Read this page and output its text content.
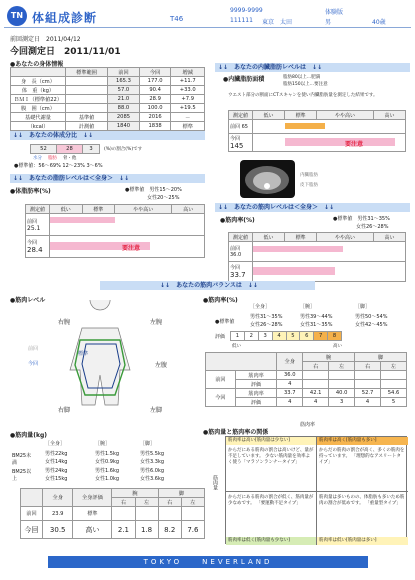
TN 体組成診断	T46
9999-9999	体験版
111111 東京　太田	男	40歳
前回測定日　2011/04/12
今回測定日　2011/11/01
●あなたの身体情報
	標準範囲	前回	今回	増減
身　長（cm）		165.3	177.0	+11.7
体　重（kg）		57.0	90.4	+33.0
ＢＭＩ（標準値22）		21.0	28.9	+7.9
腹　囲（cm）		88.0	100.0	+19.5
基礎代謝量	基準値	2085	2016	－
（kcal）	計測値	1840	1838	標準
↓↓　あなたの体成分比　↓↓
52	28	3	(%)の割合(%)です
水分　 脂肪　 骨・他
●標準値：56〜69% 12〜23% 3〜6%
↓↓　あなたの脂肪レベルは＜全身＞　↓↓
●体脂肪率(%)	●標準値　男性15〜20%
女性20〜25%
測定値	低い	標準	やや高い	高い
前回
25.1				

今回 28.4	要注意			
↓↓　あなたの内臓脂肪レベルは　↓↓
●内臓脂肪面積	脂肪80以上…肥満
脂肪150以上…要注意
ウエスト部分の断面にCTスキャンを使い内臓脂肪量を測定した結果です。
測定値	低い	標準	やや高い	高い
前回 65				

今回 145	要注意			
内臓脂肪
皮下脂肪
↓↓　あなたの筋肉レベルは＜全身＞　↓↓
●筋肉率(%)	●標準値　男性31〜35%
女性26〜28%
測定値	低い	標準	やや高い	高い
前回
36.0				

今回 33.7				
↓↓　あなたの筋肉バランスは　↓↓
●筋肉レベル
右腕	左腕
右脚	左脚
左腹
今回
標準
前回
●筋肉率(%)
●標準値
［全身］	［腕］	［脚］
男性31〜35%	男性39〜44%	男性50〜54%
女性26〜28%	女性31〜35%	女性42〜45%
評価 1	2	3	4	5	6	7	8
低い	高い
		全身	腕		脚	
			右	左	右	左
前回	筋肉率	36.0				
	評価	4				
今回	筋肉率	33.7	42.1	40.0	52.7	54.6
	評価	4	4	3	4	5
●筋肉量(kg)
［全身］	［腕］	［脚］
BM25未満
男性22kg	男性1.5kg	男性5.5kg
女性14kg	女性0.9kg	女性3.3kg
BM25以上
男性24kg	男性1.6kg	男性6.0kg
女性15kg	女性1.0kg	女性3.6kg
	全身	全身評価	腕		脚	
			右	左	右	左
前回	23.9	標準				
今回	30.5	高い	2.1	1.8	8.2	7.6
●筋肉量と筋肉率の関係
筋肉量
筋肉率
筋肉率は高い[筋肉量は少ない]	筋肉率は高く[筋肉量も多い]
からだにある筋肉の割合は高いけど、量が不足しています。 少ない筋肉量を効率よく使う「マラソンランナータイプ」
からだの筋肉の割合が高く、多くの筋肉を持っています。 「理想的なアスリートタイプ」
からだにある筋肉の割合が低く、筋肉量が少なめです。 「要運動不足タイプ」
筋肉量は多いものの、体脂肪も多いため筋肉の割合が低めです。 「重量型タイプ」
筋肉率は低く[筋肉量も少ない]	筋肉率は低い[筋肉量は多い]
TOKYO　　NEVERLAND
